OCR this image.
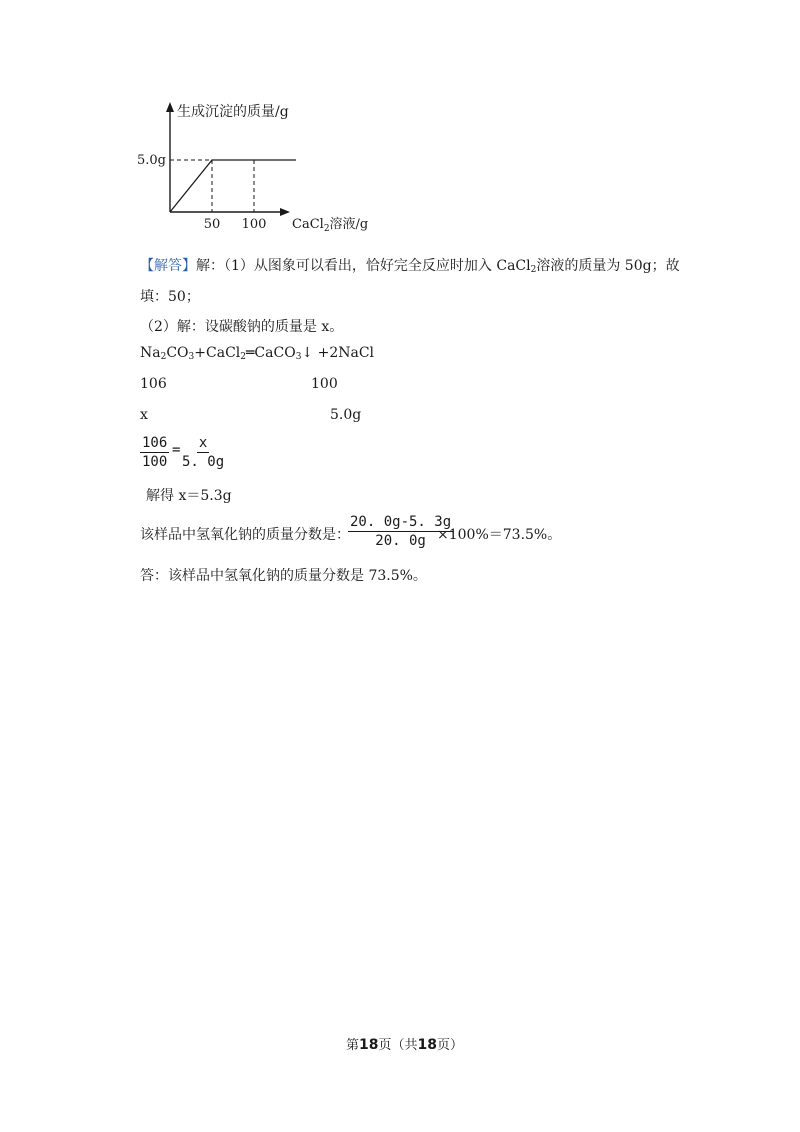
5.0g
生成沉淀的质量/g
50 100 CaCl$_2$溶液/g
【解答】解：（1）从图象可以看出，恰好完全反应时加入 CaCl$_2$溶液的质量为 50g；故
填：50；
（2）解：设碳酸钠的质量是 x。
$Na_2CO_3+CaCl_2═CaCO_3↓$ +2NaCl
106	100
x	5.0g
$\frac{106}{100} = \frac{x}{5. 0g}$
解得 x＝5.3g
该样品中氢氧化钠的质量分数是：
$\frac{20. 0g-5. 3g}{20. 0g}$
×100%＝73.5%。
答：该样品中氢氧化钠的质量分数是 73.5%。
第18页（共18页）
